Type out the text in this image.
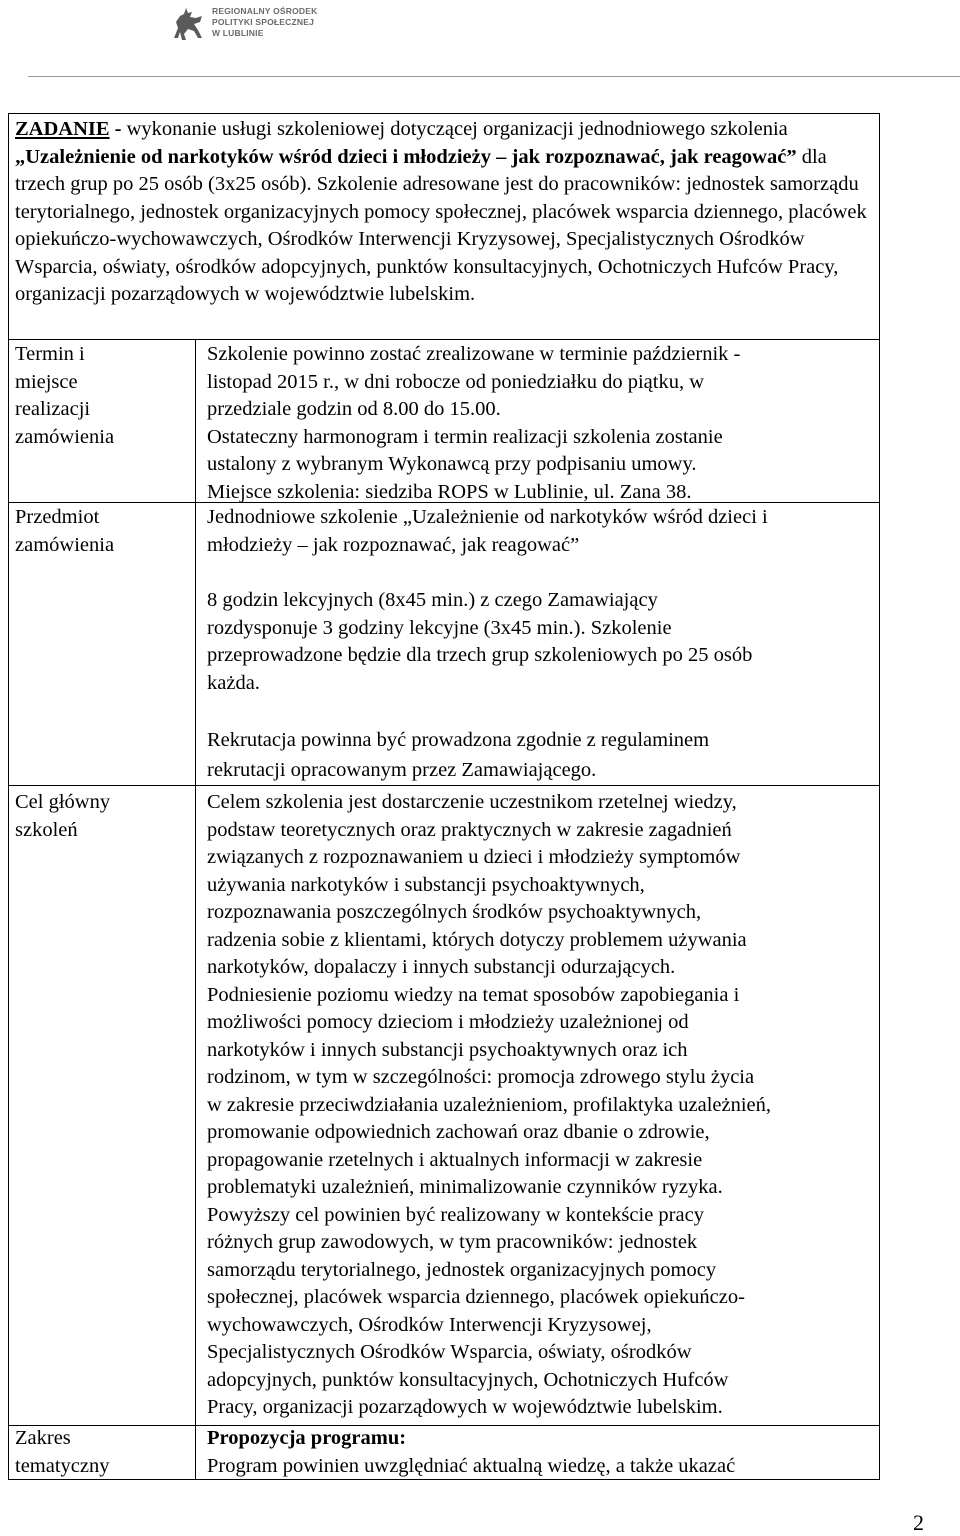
REGIONALNY OŚRODEK
POLITYKI SPOŁECZNEJ
W LUBLINIE

ZADANIE - wykonanie usługi szkoleniowej dotyczącej organizacji jednodniowego szkolenia „Uzależnienie od narkotyków wśród dzieci i młodzieży – jak rozpoznawać, jak reagować” dla trzech grup po 25 osób (3x25 osób). Szkolenie adresowane jest do pracowników: jednostek samorządu terytorialnego, jednostek organizacyjnych pomocy społecznej, placówek wsparcia dziennego, placówek opiekuńczo-wychowawczych, Ośrodków Interwencji Kryzysowej, Specjalistycznych Ośrodków Wsparcia, oświaty, ośrodków adopcyjnych, punktów konsultacyjnych, Ochotniczych Hufców Pracy, organizacji pozarządowych w województwie lubelskim.

Termin i
miejsce
realizacji
zamówienia
Szkolenie powinno zostać zrealizowane w terminie październik -
listopad 2015 r., w dni robocze od poniedziałku do piątku, w
przedziale godzin od 8.00 do 15.00.
Ostateczny harmonogram i termin realizacji szkolenia zostanie
ustalony z wybranym Wykonawcą przy podpisaniu umowy.
Miejsce szkolenia: siedziba ROPS w Lublinie, ul. Zana 38.
Przedmiot
zamówienia
Jednodniowe szkolenie „Uzależnienie od narkotyków wśród dzieci i
młodzieży – jak rozpoznawać, jak reagować”
8 godzin lekcyjnych (8x45 min.) z czego Zamawiający
rozdysponuje 3 godziny lekcyjne (3x45 min.). Szkolenie
przeprowadzone będzie dla trzech grup szkoleniowych po 25 osób
każda.
Rekrutacja powinna być prowadzona zgodnie z regulaminem
rekrutacji opracowanym przez Zamawiającego.
Cel główny
szkoleń
Celem szkolenia jest dostarczenie uczestnikom rzetelnej wiedzy,
podstaw teoretycznych oraz praktycznych w zakresie zagadnień
związanych z rozpoznawaniem u dzieci i młodzieży symptomów
używania narkotyków i substancji psychoaktywnych,
rozpoznawania poszczególnych środków psychoaktywnych,
radzenia sobie z klientami, których dotyczy problemem używania
narkotyków, dopalaczy i innych substancji odurzających.
Podniesienie poziomu wiedzy na temat sposobów zapobiegania i
możliwości pomocy dzieciom i młodzieży uzależnionej od
narkotyków i innych substancji psychoaktywnych oraz ich
rodzinom, w tym w szczególności: promocja zdrowego stylu życia
w zakresie przeciwdziałania uzależnieniom, profilaktyka uzależnień,
promowanie odpowiednich zachowań oraz dbanie o zdrowie,
propagowanie rzetelnych i aktualnych informacji w zakresie
problematyki uzależnień, minimalizowanie czynników ryzyka.
Powyższy cel powinien być realizowany w kontekście pracy
różnych grup zawodowych, w tym pracowników: jednostek
samorządu terytorialnego, jednostek organizacyjnych pomocy
społecznej, placówek wsparcia dziennego, placówek opiekuńczo-
wychowawczych, Ośrodków Interwencji Kryzysowej,
Specjalistycznych Ośrodków Wsparcia, oświaty, ośrodków
adopcyjnych, punktów konsultacyjnych, Ochotniczych Hufców
Pracy, organizacji pozarządowych w województwie lubelskim.
Zakres
tematyczny
Propozycja programu:
Program powinien uwzględniać aktualną wiedzę, a także ukazać
2
